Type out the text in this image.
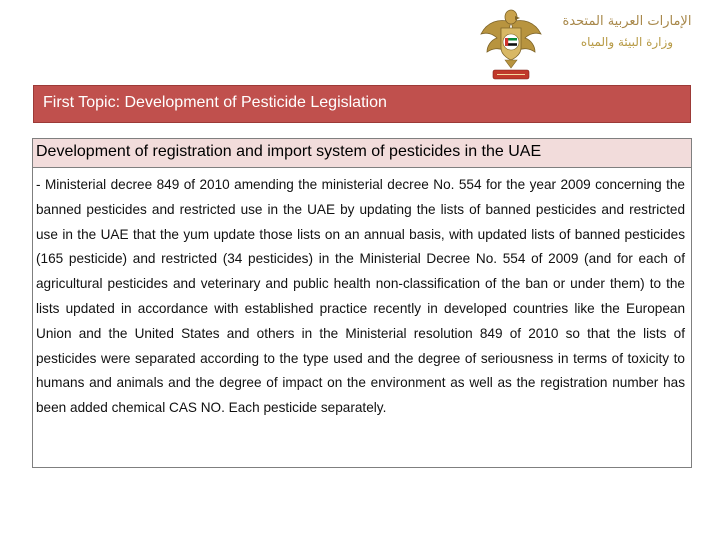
الإمارات العربية المتحدة
وزارة البيئة والمياه
First Topic: Development of Pesticide Legislation
Development of registration and import system of pesticides in the UAE
- Ministerial decree 849 of 2010 amending the ministerial decree No. 554 for the year 2009 concerning the banned pesticides and restricted use in the UAE by updating the lists of banned pesticides and restricted use in the UAE that the yum update those lists on an annual basis, with updated lists of banned pesticides (165 pesticide) and restricted (34 pesticides) in the Ministerial Decree No. 554 of 2009 (and for each of agricultural pesticides and veterinary and public health non-classification of the ban or under them) to the lists updated in accordance with established practice recently in developed countries like the European Union and the United States and others in the Ministerial resolution 849 of 2010 so that the lists of pesticides were separated according to the type used and the degree of seriousness in terms of toxicity to humans and animals and the degree of impact on the environment as well as the registration number has been added chemical CAS NO. Each pesticide separately.
